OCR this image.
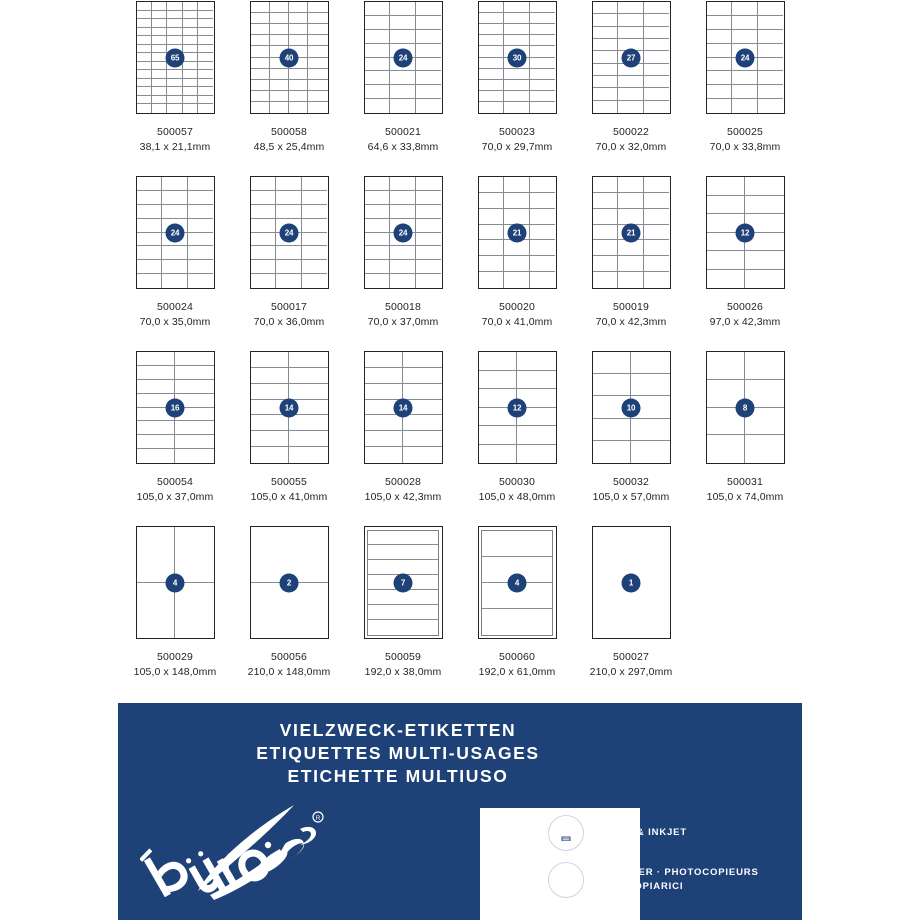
65
500057
38,1 x 21,1mm
40
500058
48,5 x 25,4mm
24
500021
64,6 x 33,8mm
30
500023
70,0 x 29,7mm
27
500022
70,0 x 32,0mm
24
500025
70,0 x 33,8mm
24
500024
70,0 x 35,0mm
24
500017
70,0 x 36,0mm
24
500018
70,0 x 37,0mm
21
500020
70,0 x 41,0mm
21
500019
70,0 x 42,3mm
12
500026
97,0 x 42,3mm
16
500054
105,0 x 37,0mm
14
500055
105,0 x 41,0mm
14
500028
105,0 x 42,3mm
12
500030
105,0 x 48,0mm
10
500032
105,0 x 57,0mm
8
500031
105,0 x 74,0mm
4
500029
105,0 x 148,0mm
2
500056
210,0 x 148,0mm
7
500059
192,0 x 38,0mm
4
500060
192,0 x 61,0mm
1
500027
210,0 x 297,0mm
VIELZWECK-ETIKETTEN
ETIQUETTES MULTI-USAGES
ETICHETTE MULTIUSO
R
LASER & INKJET
KOPIERER · PHOTOCOPIEURS
FOTOCOPIARICI
